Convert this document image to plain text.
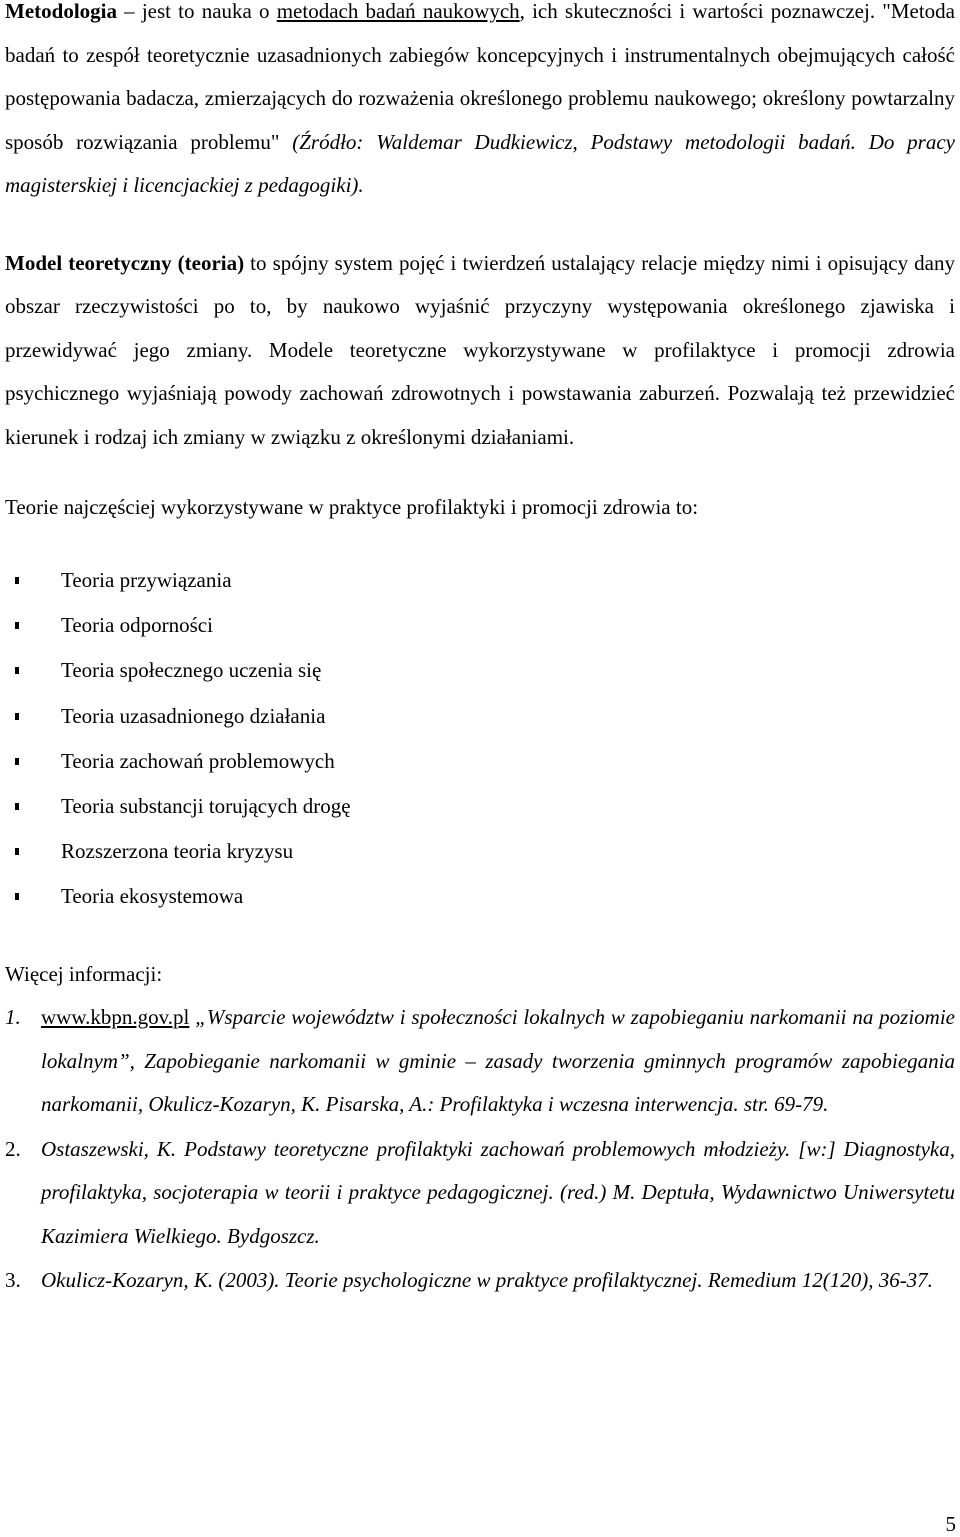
Metodologia – jest to nauka o metodach badań naukowych, ich skuteczności i wartości poznawczej. "Metoda badań to zespół teoretycznie uzasadnionych zabiegów koncepcyjnych i instrumentalnych obejmujących całość postępowania badacza, zmierzających do rozważenia określonego problemu naukowego; określony powtarzalny sposób rozwiązania problemu" (Źródło: Waldemar Dudkiewicz, Podstawy metodologii badań. Do pracy magisterskiej i licencjackiej z pedagogiki).

Model teoretyczny (teoria) to spójny system pojęć i twierdzeń ustalający relacje między nimi i opisujący dany obszar rzeczywistości po to, by naukowo wyjaśnić przyczyny występowania określonego zjawiska i przewidywać jego zmiany. Modele teoretyczne wykorzystywane w profilaktyce i promocji zdrowia psychicznego wyjaśniają powody zachowań zdrowotnych i powstawania zaburzeń. Pozwalają też przewidzieć kierunek i rodzaj ich zmiany w związku z określonymi działaniami.

Teorie najczęściej wykorzystywane w praktyce profilaktyki i promocji zdrowia to:

Teoria przywiązania
Teoria odporności
Teoria społecznego uczenia się
Teoria uzasadnionego działania
Teoria zachowań problemowych
Teoria substancji torujących drogę
Rozszerzona teoria kryzysu
Teoria ekosystemowa

Więcej informacji:

1. www.kbpn.gov.pl „Wsparcie województw i społeczności lokalnych w zapobieganiu narkomanii na poziomie lokalnym”, Zapobieganie narkomanii w gminie – zasady tworzenia gminnych programów zapobiegania narkomanii, Okulicz-Kozaryn, K. Pisarska, A.: Profilaktyka i wczesna interwencja. str. 69-79.
2. Ostaszewski, K. Podstawy teoretyczne profilaktyki zachowań problemowych młodzieży. [w:] Diagnostyka, profilaktyka, socjoterapia w teorii i praktyce pedagogicznej. (red.) M. Deptuła, Wydawnictwo Uniwersytetu Kazimiera Wielkiego. Bydgoszcz.
3. Okulicz-Kozaryn, K. (2003). Teorie psychologiczne w praktyce profilaktycznej. Remedium 12(120), 36-37.
5
